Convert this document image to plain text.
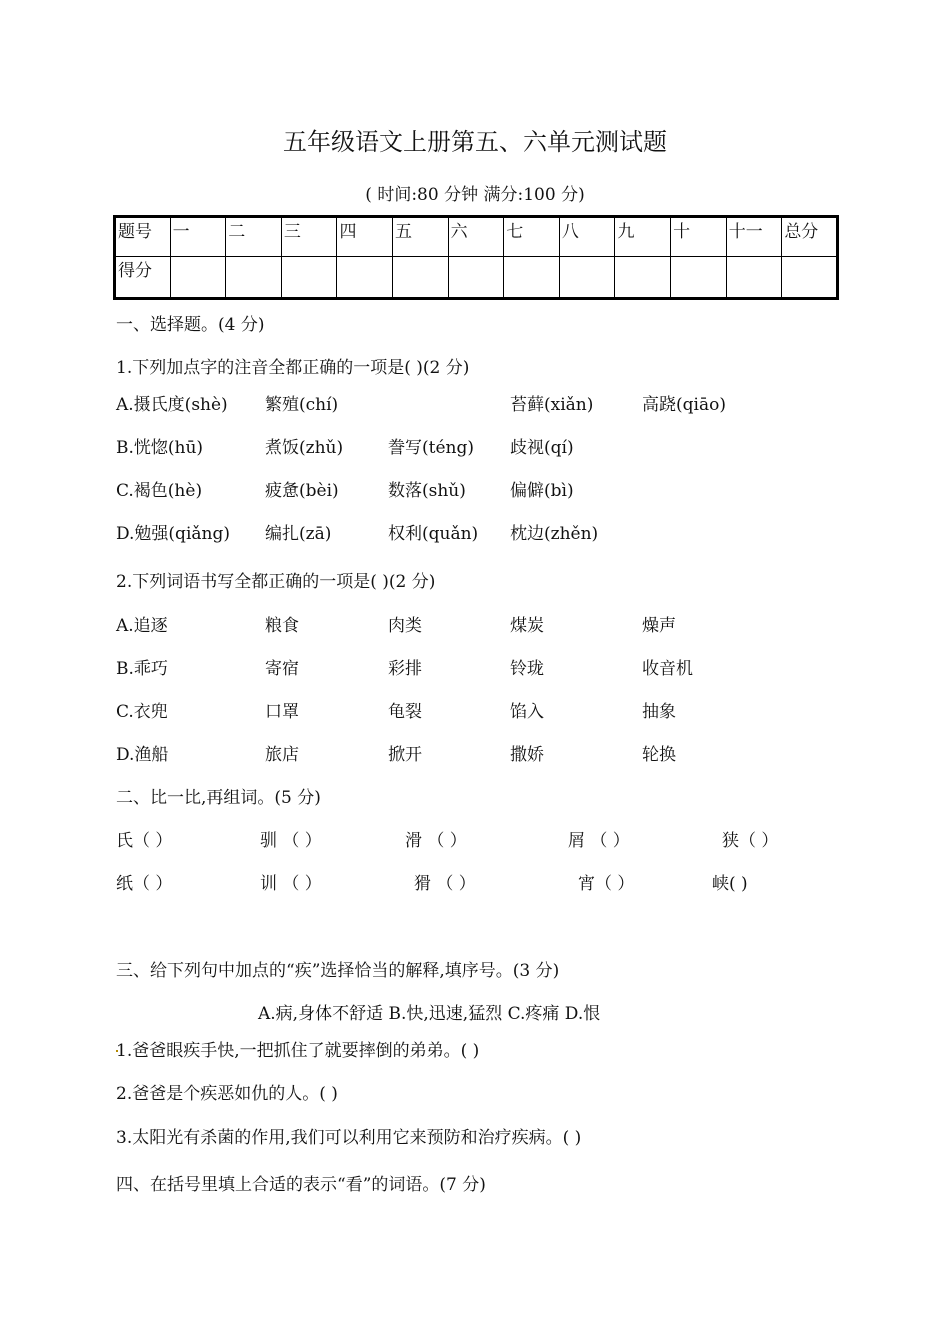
五年级语文上册第五、六单元测试题
( 时间:80 分钟 满分:100 分)
题号	一	二	三	四	五	六	七	八	九	十	十一	总分
得分												
一、选择题。(4 分)
1.下列加点字的注音全都正确的一项是( )(2 分)
A.摄氏度(shè) 繁殖(chí)	苔藓(xiǎn)	高跷(qiāo)
B.恍惚(hū)	煮饭(zhǔ)	誊写(téng) 歧视(qí)
C.褐色(hè)	疲惫(bèi)	数落(shǔ)	偏僻(bì)
D.勉强(qiǎng) 编扎(zā)	权利(quǎn) 枕边(zhěn)
2.下列词语书写全都正确的一项是( )(2 分)
A.追逐	粮食	肉类	煤炭	燥声
B.乖巧	寄宿	彩排	铃珑	收音机
C.衣兜	口罩	龟裂	馅入	抽象
D.渔船	旅店	掀开	撒娇	轮换
二、比一比,再组词。(5 分)
氏（ ）	驯 （ ）	滑 （ ）	屑 （ ）	狭（ ）
纸（ ）	训 （ ）	猾 （ ）	宵（ ）	峡( )
三、给下列句中加点的“疾”选择恰当的解释,填序号。(3 分)
A.病,身体不舒适 B.快,迅速,猛烈 C.疼痛 D.恨
1.爸爸眼疾手快,一把抓住了就要摔倒的弟弟。( )
2.爸爸是个疾恶如仇的人。( )
3.太阳光有杀菌的作用,我们可以利用它来预防和治疗疾病。( )
四、在括号里填上合适的表示“看”的词语。(7 分)
